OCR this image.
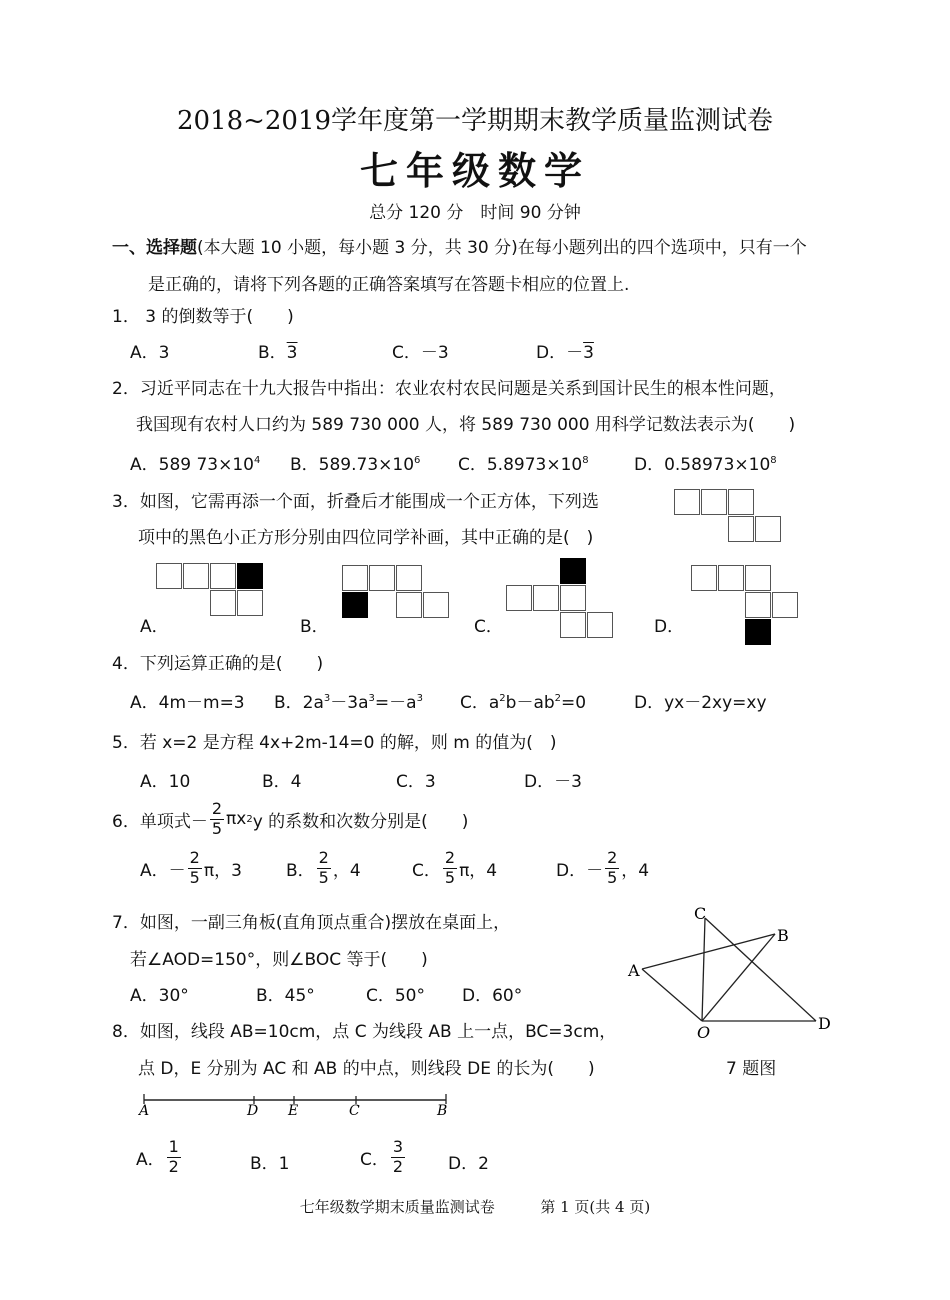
2018~2019学年度第一学期期末教学质量监测试卷
七年级数学
总分 120 分　时间 90 分钟
一、选择题(本大题 10 小题，每小题 3 分，共 30 分)在每小题列出的四个选项中，只有一个
是正确的，请将下列各题的正确答案填写在答题卡相应的位置上.
1． 3 的倒数等于(　　)
A．3	B．3	C．－3	D．－3
2．习近平同志在十九大报告中指出：农业农村农民问题是关系到国计民生的根本性问题，
我国现有农村人口约为 589 730 000 人，将 589 730 000 用科学记数法表示为(　　)
A．589 $73\times 10^4$ B．$589.73\times 10^6$ C．$5.8973\times 10^8$	D．$0.58973\times 10^8$
3．如图，它需再添一个面，折叠后才能围成一个正方体，下列选
项中的黑色小正方形分别由四位同学补画，其中正确的是(　)
A．	B．	C．	D．
4．下列运算正确的是(　　)
A．4m－m=3 B．$2a^3-3a^3=-a^3$ C．$a^2b-ab^2=0$	D．yx－2xy=xy
5．若 x=2 是方程 4x+2m-14=0 的解，则 m 的值为(　)
A．10	B．4	C．3	D．－3
6．单项式－ $\frac{2}{5}$ πx 2 y 的系数和次数分别是(　　)
A．－ $\frac{2}{5}$ π，3	B． $\frac{2}{5}$ ，4	C． $\frac{2}{5}$ π，4	D．－ $\frac{2}{5}$ ，4
7．如图，一副三角板(直角顶点重合)摆放在桌面上，
若∠AOD=150°，则∠BOC 等于(　　)
A．30°	B．45°	C．50° D．60°
C
B
A
D
O
7 题图
8．如图，线段 AB=10cm，点 C 为线段 AB 上一点，BC=3cm，
点 D，E 分别为 AC 和 AB 的中点，则线段 DE 的长为(　　)
A	D E	C	B
A． $\frac{1}{2}$	B．1	C． $\frac{3}{2}$	D．2
七年级数学期末质量监测试卷	第 1 页(共 4 页)
